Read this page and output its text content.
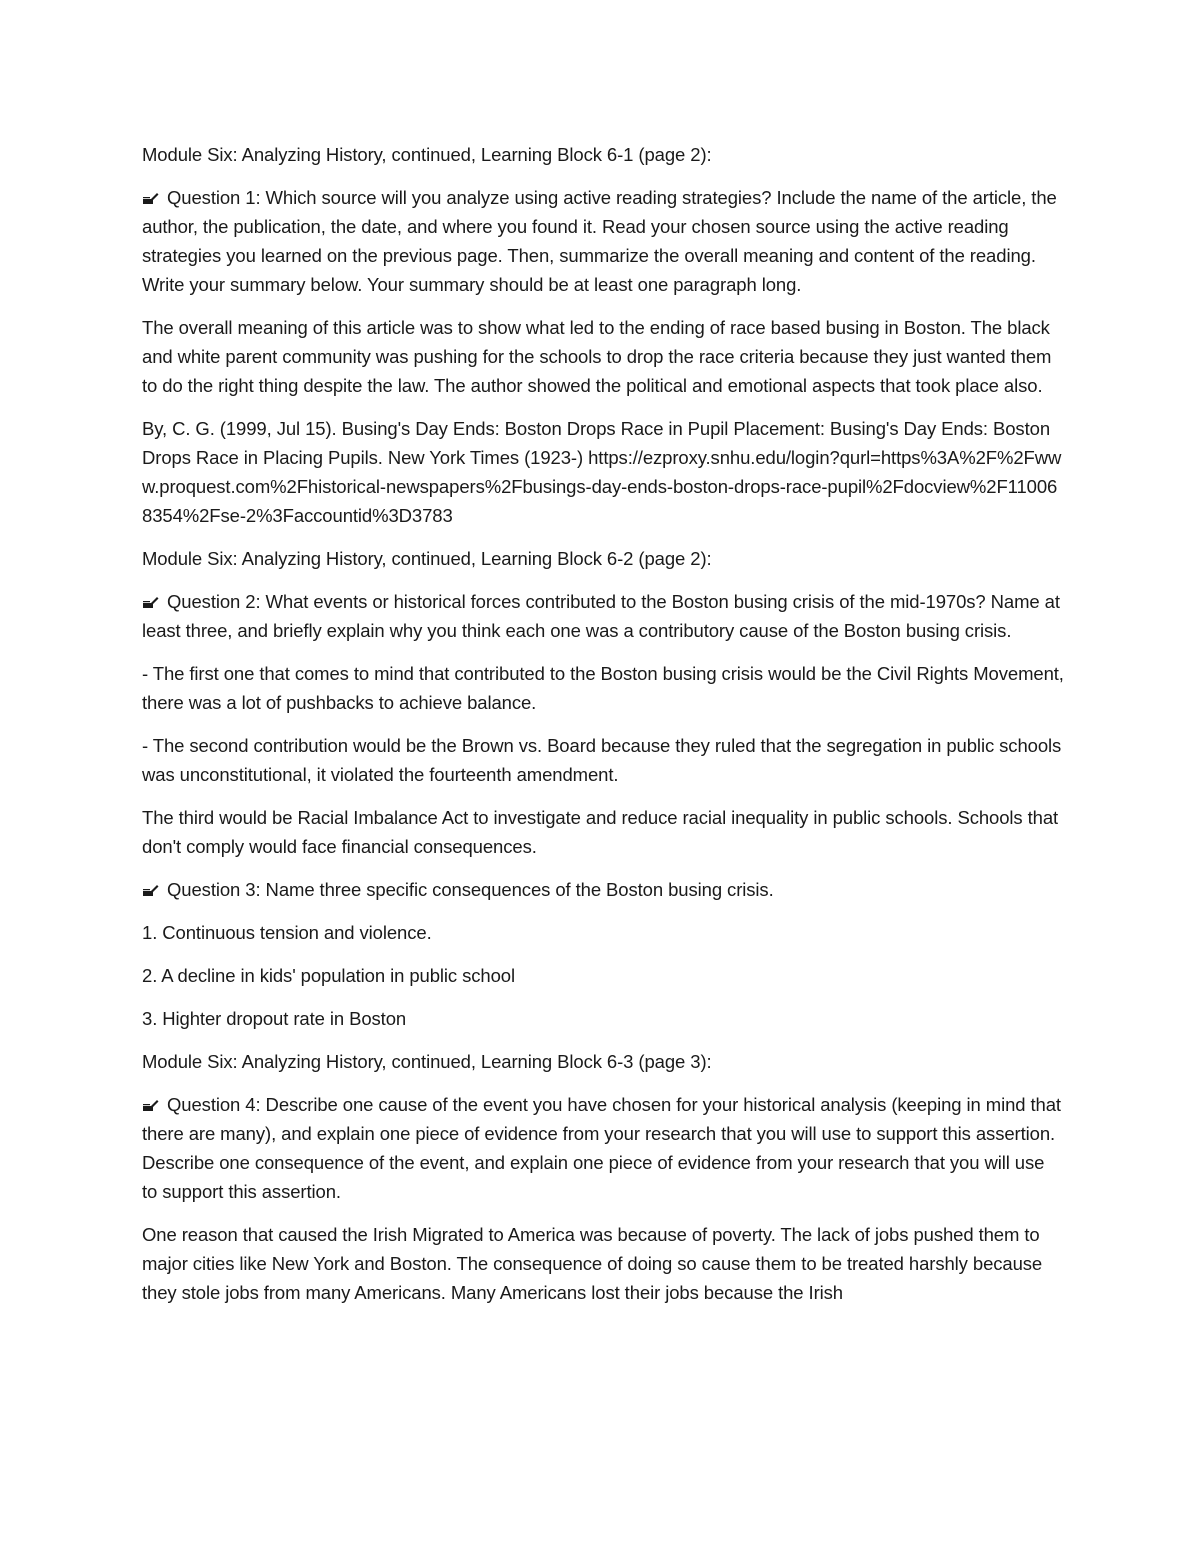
Module Six: Analyzing History, continued, Learning Block 6-1 (page 2):

Question 1: Which source will you analyze using active reading strategies? Include the name of the article, the author, the publication, the date, and where you found it. Read your chosen source using the active reading strategies you learned on the previous page. Then, summarize the overall meaning and content of the reading. Write your summary below. Your summary should be at least one paragraph long.

The overall meaning of this article was to show what led to the ending of race based busing in Boston. The black and white parent community was pushing for the schools to drop the race criteria because they just wanted them to do the right thing despite the law. The author showed the political and emotional aspects that took place also.

By, C. G. (1999, Jul 15). Busing's Day Ends: Boston Drops Race in Pupil Placement: Busing's Day Ends: Boston Drops Race in Placing Pupils. New York Times (1923-) https://ezproxy.snhu.edu/login?qurl=https%3A%2F%2Fwww.proquest.com%2Fhistorical-newspapers%2Fbusings-day-ends-boston-drops-race-pupil%2Fdocview%2F110068354%2Fse-2%3Faccountid%3D3783

Module Six: Analyzing History, continued, Learning Block 6-2 (page 2):

Question 2: What events or historical forces contributed to the Boston busing crisis of the mid-1970s? Name at least three, and briefly explain why you think each one was a contributory cause of the Boston busing crisis.

- The first one that comes to mind that contributed to the Boston busing crisis would be the Civil Rights Movement, there was a lot of pushbacks to achieve balance.

- The second contribution would be the Brown vs. Board because they ruled that the segregation in public schools was unconstitutional, it violated the fourteenth amendment.

The third would be Racial Imbalance Act to investigate and reduce racial inequality in public schools. Schools that don't comply would face financial consequences.

Question 3: Name three specific consequences of the Boston busing crisis.

1. Continuous tension and violence.

2. A decline in kids' population in public school

3. Highter dropout rate in Boston

Module Six: Analyzing History, continued, Learning Block 6-3 (page 3):

Question 4: Describe one cause of the event you have chosen for your historical analysis (keeping in mind that there are many), and explain one piece of evidence from your research that you will use to support this assertion. Describe one consequence of the event, and explain one piece of evidence from your research that you will use to support this assertion.

One reason that caused the Irish Migrated to America was because of poverty. The lack of jobs pushed them to major cities like New York and Boston. The consequence of doing so cause them to be treated harshly because they stole jobs from many Americans. Many Americans lost their jobs because the Irish
